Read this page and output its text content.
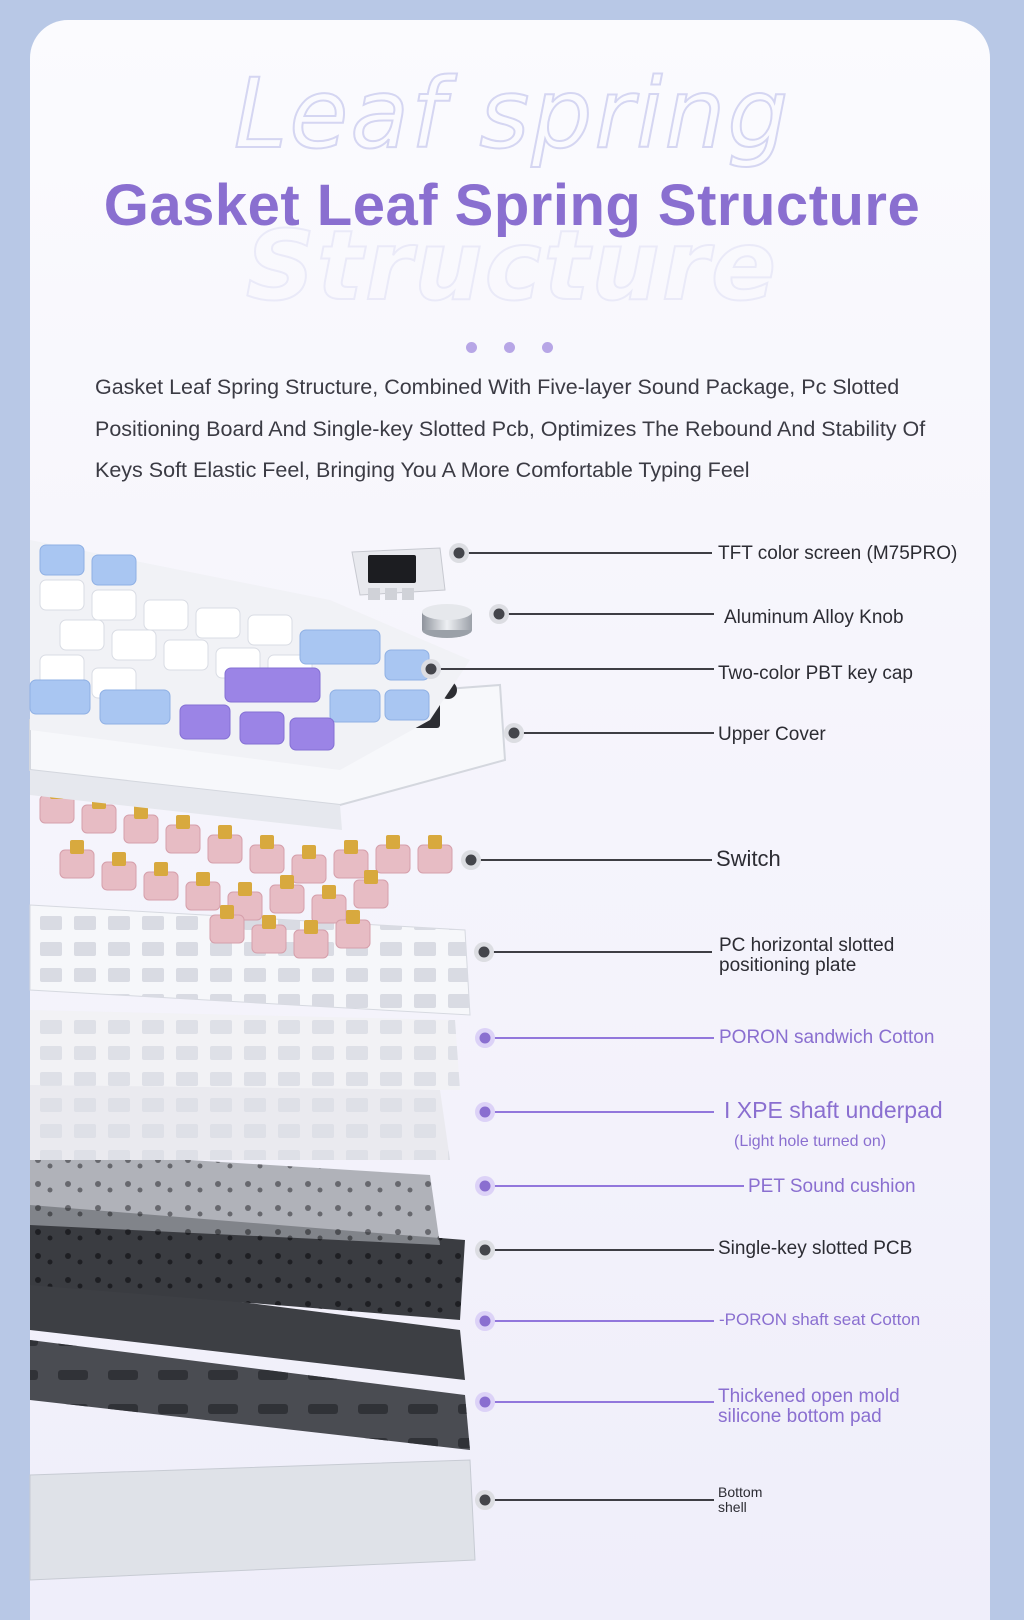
Leaf spring
Structure
Gasket Leaf Spring Structure
Gasket Leaf Spring Structure, Combined With Five-layer Sound Package, Pc Slotted Positioning Board And Single-key Slotted Pcb, Optimizes The Rebound And Stability Of Keys Soft Elastic Feel, Bringing You A More Comfortable Typing Feel
TFT color screen (M75PRO)
Aluminum Alloy Knob
Two-color PBT key cap
Upper Cover
Switch
PC horizontal slotted
positioning plate
PORON sandwich Cotton
I XPE shaft underpad
(Light hole turned on)
PET Sound cushion
Single-key slotted PCB
-PORON shaft seat Cotton
Thickened open mold
silicone bottom pad
Bottom
shell
